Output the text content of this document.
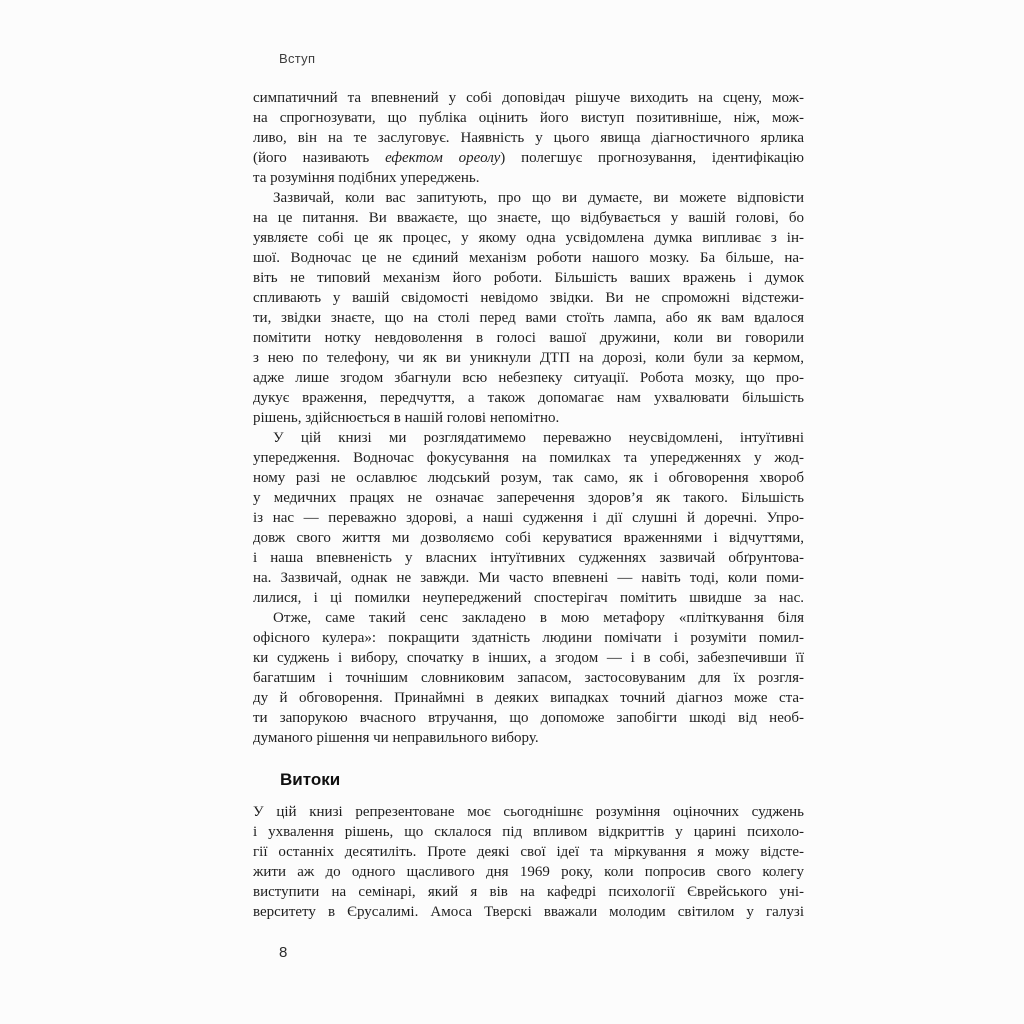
Вступ
симпатичний та впевнений у собі доповідач рішуче виходить на сцену, мож-
на спрогнозувати, що публіка оцінить його виступ позитивніше, ніж, мож-
ливо, він на те заслуговує. Наявність у цього явища діагностичного ярлика
(його називають ефектом ореолу) полегшує прогнозування, ідентифікацію
та розуміння подібних упереджень.
Зазвичай, коли вас запитують, про що ви думаєте, ви можете відповісти
на це питання. Ви вважаєте, що знаєте, що відбувається у вашій голові, бо
уявляєте собі це як процес, у якому одна усвідомлена думка випливає з ін-
шої. Водночас це не єдиний механізм роботи нашого мозку. Ба більше, на-
віть не типовий механізм його роботи. Більшість ваших вражень і думок
спливають у вашій свідомості невідомо звідки. Ви не спроможні відстежи-
ти, звідки знаєте, що на столі перед вами стоїть лампа, або як вам вдалося
помітити нотку невдоволення в голосі вашої дружини, коли ви говорили
з нею по телефону, чи як ви уникнули ДТП на дорозі, коли були за кермом,
адже лише згодом збагнули всю небезпеку ситуації. Робота мозку, що про-
дукує враження, передчуття, а також допомагає нам ухвалювати більшість
рішень, здійснюється в нашій голові непомітно.
У цій книзі ми розглядатимемо переважно неусвідомлені, інтуїтивні
упередження. Водночас фокусування на помилках та упередженнях у жод-
ному разі не ославлює людський розум, так само, як і обговорення хвороб
у медичних працях не означає заперечення здоров’я як такого. Більшість
із нас — переважно здорові, а наші судження і дії слушні й доречні. Упро-
довж свого життя ми дозволяємо собі керуватися враженнями і відчуттями,
і наша впевненість у власних інтуїтивних судженнях зазвичай обґрунтова-
на. Зазвичай, однак не завжди. Ми часто впевнені — навіть тоді, коли поми-
лилися, і ці помилки неупереджений спостерігач помітить швидше за нас.
Отже, саме такий сенс закладено в мою метафору «пліткування біля
офісного кулера»: покращити здатність людини помічати і розуміти помил-
ки суджень і вибору, спочатку в інших, а згодом — і в собі, забезпечивши її
багатшим і точнішим словниковим запасом, застосовуваним для їх розгля-
ду й обговорення. Принаймні в деяких випадках точний діагноз може ста-
ти запорукою вчасного втручання, що допоможе запобігти шкоді від необ-
думаного рішення чи неправильного вибору.
Витоки
У цій книзі репрезентоване моє сьогоднішнє розуміння оціночних суджень
і ухвалення рішень, що склалося під впливом відкриттів у царині психоло-
гії останніх десятиліть. Проте деякі свої ідеї та міркування я можу відсте-
жити аж до одного щасливого дня 1969 року, коли попросив свого колегу
виступити на семінарі, який я вів на кафедрі психології Єврейського уні-
верситету в Єрусалимі. Амоса Тверскі вважали молодим світилом у галузі
8
